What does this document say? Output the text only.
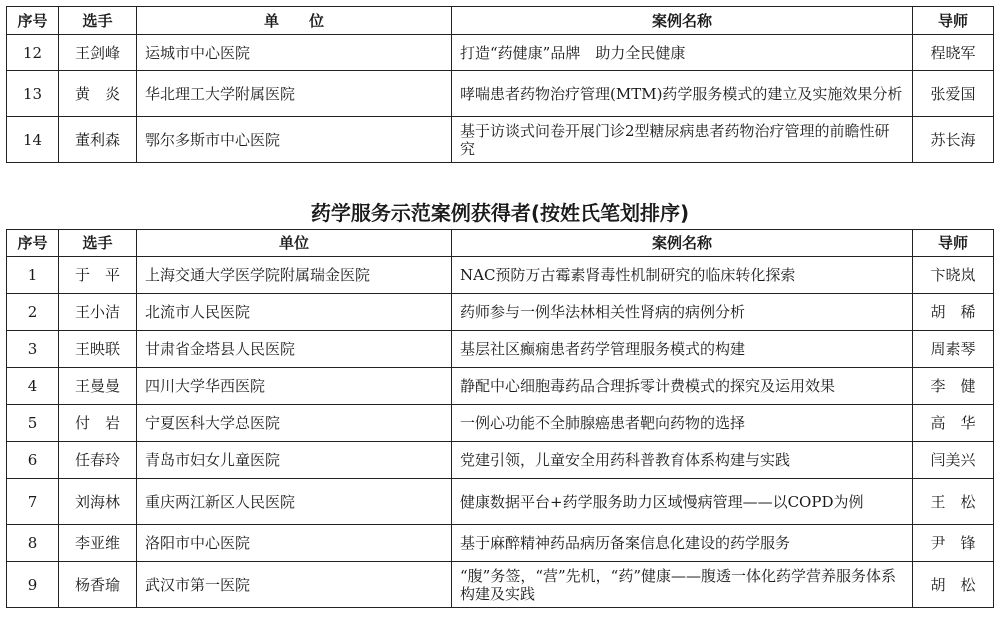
序号	选手	单　　位	案例名称	导师
12	王剑峰	运城市中心医院	打造“药健康”品牌　助力全民健康	程晓军
13	黄　炎	华北理工大学附属医院	哮喘患者药物治疗管理(MTM)药学服务模式的建立及实施效果分析	张爱国
14	董利森	鄂尔多斯市中心医院	基于访谈式问卷开展门诊2型糖尿病患者药物治疗管理的前瞻性研究	苏长海
药学服务示范案例获得者(按姓氏笔划排序)
序号	选手	单位	案例名称	导师
1	于　平	上海交通大学医学院附属瑞金医院	NAC预防万古霉素肾毒性机制研究的临床转化探索	卞晓岚
2	王小洁	北流市人民医院	药师参与一例华法林相关性肾病的病例分析	胡　稀
3	王映联	甘肃省金塔县人民医院	基层社区癫痫患者药学管理服务模式的构建	周素琴
4	王曼曼	四川大学华西医院	静配中心细胞毒药品合理拆零计费模式的探究及运用效果	李　健
5	付　岩	宁夏医科大学总医院	一例心功能不全肺腺癌患者靶向药物的选择	高　华
6	任春玲	青岛市妇女儿童医院	党建引领，儿童安全用药科普教育体系构建与实践	闫美兴
7	刘海林	重庆两江新区人民医院	健康数据平台+药学服务助力区域慢病管理——以COPD为例	王　松
8	李亚维	洛阳市中心医院	基于麻醉精神药品病历备案信息化建设的药学服务	尹　锋
9	杨香瑜	武汉市第一医院	“腹”务签，“营”先机，“药”健康——腹透一体化药学营养服务体系构建及实践	胡　松
